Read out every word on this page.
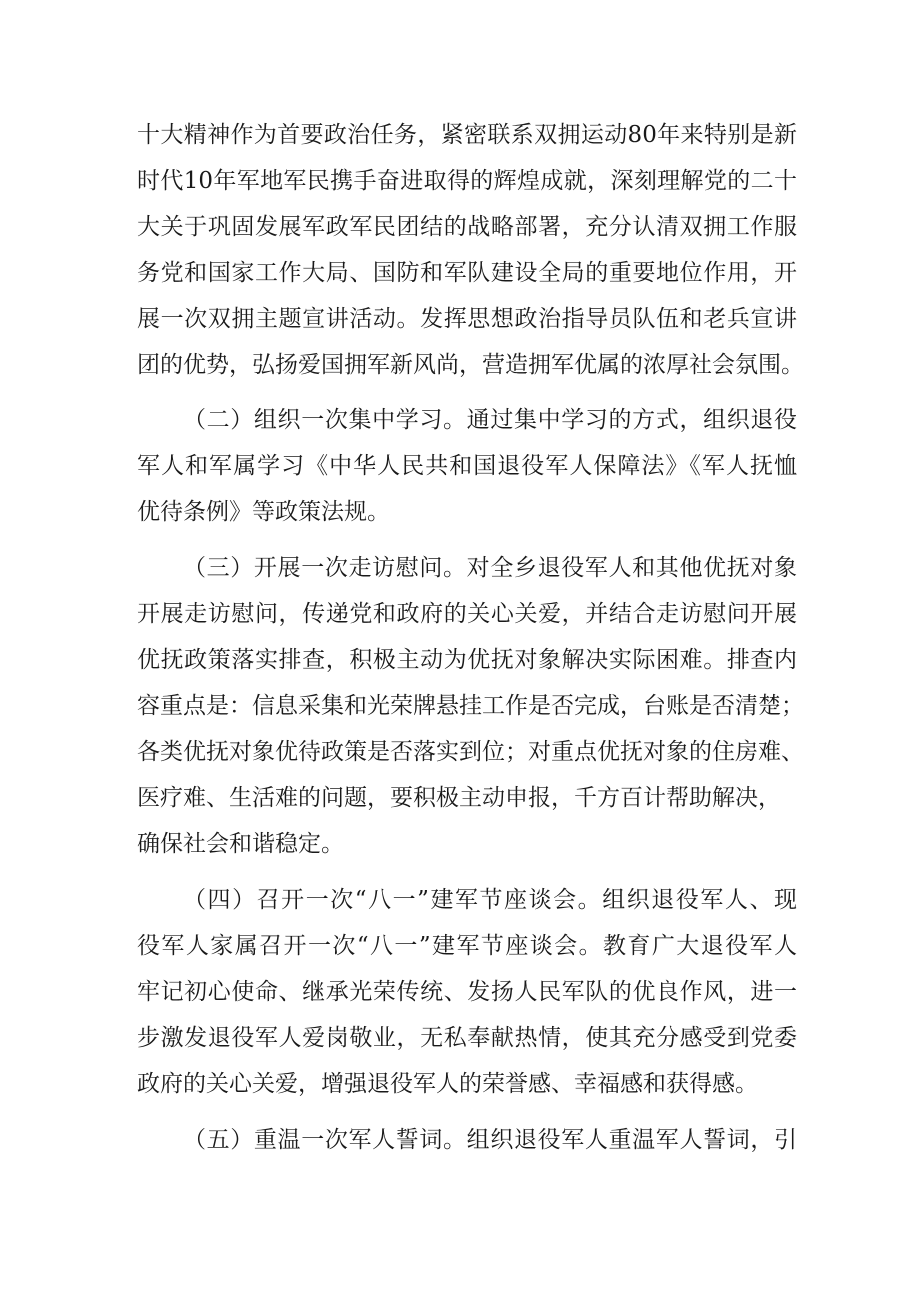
十大精神作为首要政治任务，紧密联系双拥运动80年来特别是新
时代10年军地军民携手奋进取得的辉煌成就，深刻理解党的二十
大关于巩固发展军政军民团结的战略部署，充分认清双拥工作服
务党和国家工作大局、国防和军队建设全局的重要地位作用，开
展一次双拥主题宣讲活动。发挥思想政治指导员队伍和老兵宣讲
团的优势，弘扬爱国拥军新风尚，营造拥军优属的浓厚社会氛围。
（二）组织一次集中学习。通过集中学习的方式，组织退役
军人和军属学习《中华人民共和国退役军人保障法》《军人抚恤
优待条例》等政策法规。
（三）开展一次走访慰问。对全乡退役军人和其他优抚对象
开展走访慰问，传递党和政府的关心关爱，并结合走访慰问开展
优抚政策落实排查，积极主动为优抚对象解决实际困难。排查内
容重点是：信息采集和光荣牌悬挂工作是否完成，台账是否清楚；
各类优抚对象优待政策是否落实到位；对重点优抚对象的住房难、
医疗难、生活难的问题，要积极主动申报，千方百计帮助解决，
确保社会和谐稳定。
（四）召开一次“八一”建军节座谈会。组织退役军人、现
役军人家属召开一次“八一”建军节座谈会。教育广大退役军人
牢记初心使命、继承光荣传统、发扬人民军队的优良作风，进一
步激发退役军人爱岗敬业，无私奉献热情，使其充分感受到党委
政府的关心关爱，增强退役军人的荣誉感、幸福感和获得感。
（五）重温一次军人誓词。组织退役军人重温军人誓词，引
